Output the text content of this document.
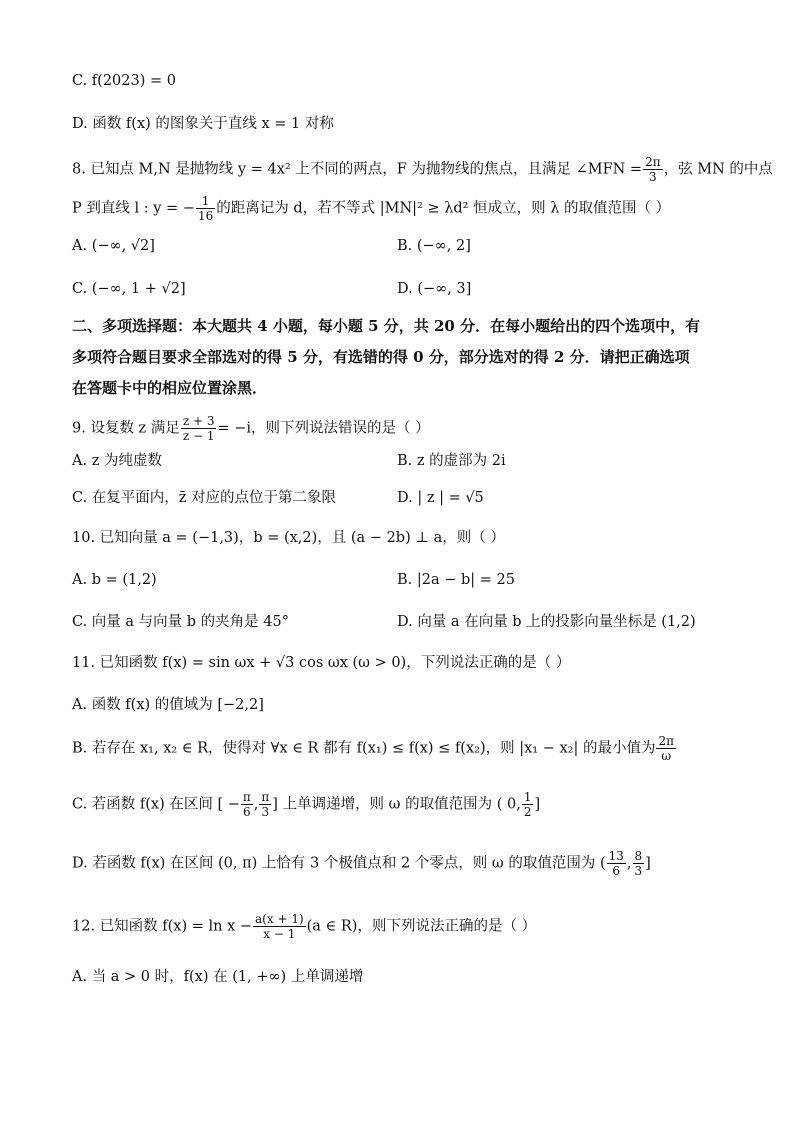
C. f(2023) = 0
D. 函数 f(x) 的图象关于直线 x = 1 对称
8. 已知点 M,N 是抛物线 y = 4x² 上不同的两点，F 为抛物线的焦点，且满足 ∠MFN = $\frac{2\pi}{3}$ ，弦 MN 的中点
P 到直线 l : y = − $\frac{1}{16}$ 的距离记为 d，若不等式 |MN|² ≥ λd² 恒成立，则 λ 的取值范围（ ）
A. (−∞, √2]	B. (−∞, 2]
C. (−∞, 1 + √2]	D. (−∞, 3]
二、多项选择题：本大题共 4 小题，每小题 5 分，共 20 分．在每小题给出的四个选项中，有
多项符合题目要求全部选对的得 5 分，有选错的得 0 分，部分选对的得 2 分．请把正确选项
在答题卡中的相应位置涂黑．
9. 设复数 z 满足 $\frac{z + 3}{z - 1} = -i$，则下列说法错误的是（ ）
A. z 为纯虚数	B. z 的虚部为 2i
C. 在复平面内，z̄ 对应的点位于第二象限	D. | z | = √5
10. 已知向量 a = (−1,3)，b = (x,2)，且 (a − 2b) ⊥ a，则（ ）
A. b = (1,2)	B. |2a − b| = 25
C. 向量 a 与向量 b 的夹角是 45°	D. 向量 a 在向量 b 上的投影向量坐标是 (1,2)
11. 已知函数 f(x) = sin ωx + √3 cos ωx (ω > 0)，下列说法正确的是（ ）
A. 函数 f(x) 的值域为 [−2,2]
B. 若存在 x₁, x₂ ∈ R，使得对 ∀x ∈ R 都有 f(x₁) ≤ f(x) ≤ f(x₂)，则 |x₁ − x₂| 的最小值为 $\frac{2\pi}{\omega}$
C. 若函数 f(x) 在区间 [ − $\frac{\pi}{6}$ , $\frac{\pi}{3}$ ] 上单调递增，则 ω 的取值范围为 ( 0, $\frac{1}{2}$ ]
D. 若函数 f(x) 在区间 (0, π) 上恰有 3 个极值点和 2 个零点，则 ω 的取值范围为 ( $\frac{13}{6}$ , $\frac{8}{3}$ ]
12. 已知函数 $f(x) = \ln x - \frac{a(x + 1)}{x - 1} (a$ ∈ R)，则下列说法正确的是（ ）
A. 当 a > 0 时，f(x) 在 (1, +∞) 上单调递增
